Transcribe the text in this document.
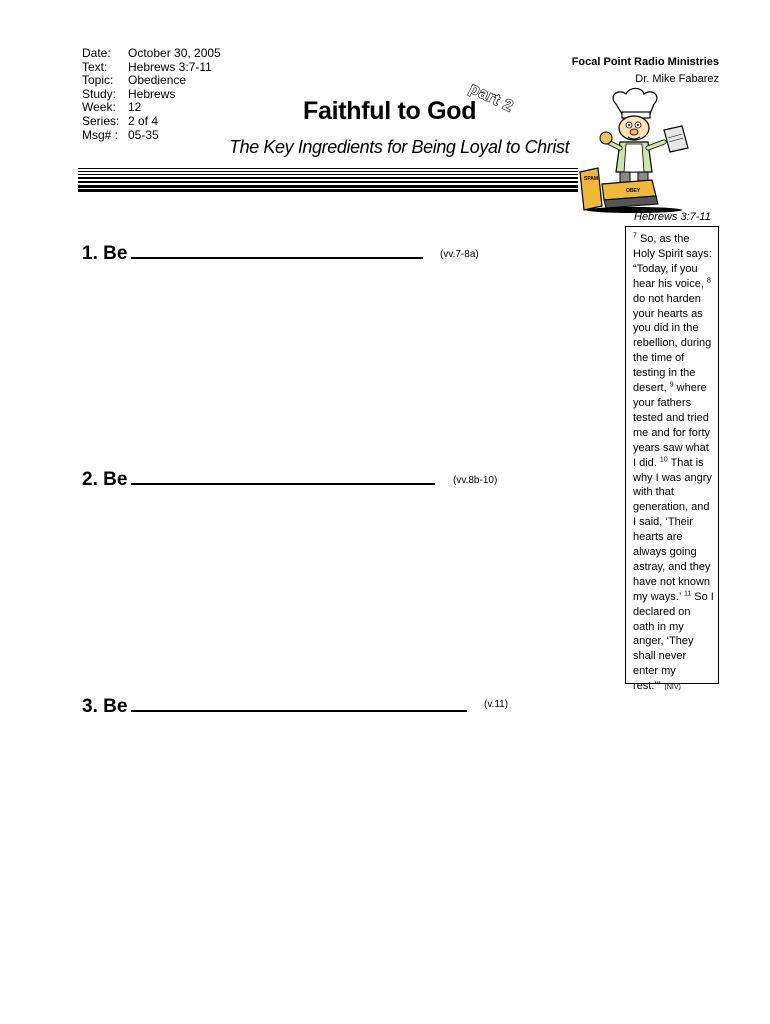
Date:	October 30, 2005
Text:	Hebrews 3:7-11
Topic:	Obedience
Study: Hebrews
Week:	12
Series: 2 of 4
Msg# : 05-35
Focal Point Radio Ministries
Dr. Mike Fabarez
Faithful to God
part 2
The Key Ingredients for Being Loyal to Christ
SPAM
OBEY
1. Be	(vv.7-8a)
2. Be	(vv.8b-10)
3. Be	(v.11)
Hebrews 3:7-11

$^7$ So, as the Holy Spirit says: “Today, if you hear his voice, $^8$ do not harden your hearts as you did in the rebellion, during the time of testing in the desert, $^9$ where your fathers tested and tried me and for forty years saw what I did. $^{10}$ That is why I was angry with that generation, and I said, ‘Their hearts are always going astray, and they have not known my ways.’ $^{11}$ So I declared on oath in my anger, ‘They shall never enter my rest.’” (NIV)
